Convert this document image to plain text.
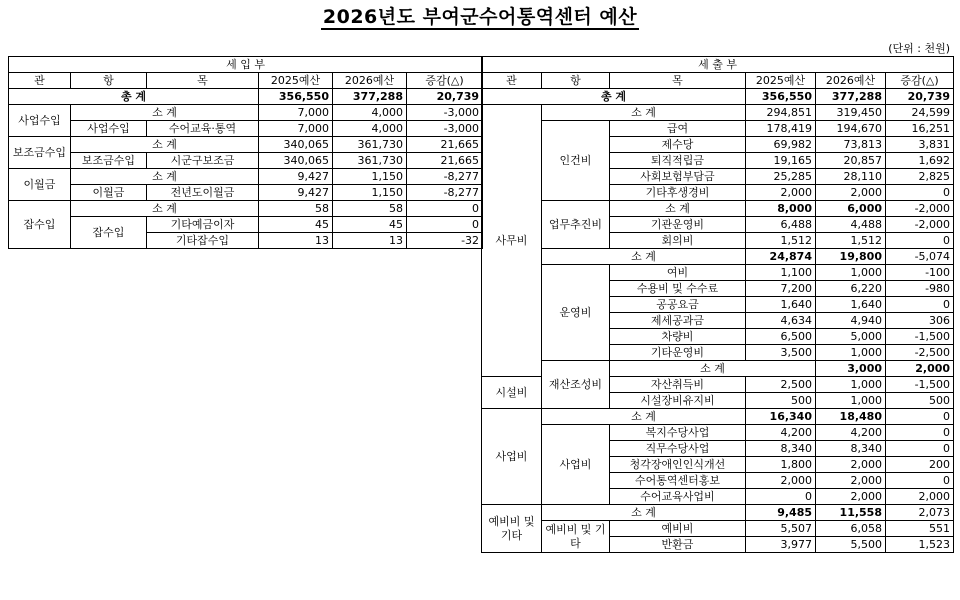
2026년도 부여군수어통역센터 예산
(단위 : 천원)
세 입 부					
관	항	목	2025예산	2026예산	증감(△)
총 계			356,550	377,288	20,739
사업수입	소 계		7,000	4,000	-3,000
	사업수입	수어교육·통역	7,000	4,000	-3,000
보조금수입	소 계		340,065	361,730	21,665
	보조금수입	시군구보조금	340,065	361,730	21,665
이월금	소 계		9,427	1,150	-8,277
	이월금	전년도이월금	9,427	1,150	-8,277
잡수입	소 계		58	58	0
	잡수입	기타예금이자	45	45	0
		기타잡수입	13	13	-32
세 출 부						
관	항	목	2025예산	2026예산	증감(△)	
총 계			356,550	377,288	20,739	
사무비	소 계		294,851	319,450	24,599	
	인건비	급여	178,419	194,670	16,251	
		제수당	69,982	73,813	3,831	
		퇴직적립금	19,165	20,857	1,692	
		사회보험부담금	25,285	28,110	2,825	
		기타후생경비	2,000	2,000	0	
	업무추진비	소 계	8,000	6,000	-2,000	
		기관운영비	6,488	4,488	-2,000	
		회의비	1,512	1,512	0	
	소 계		24,874	19,800	-5,074	
	운영비	여비	1,100	1,000	-100	
		수용비 및 수수료	7,200	6,220	-980	
		공공요금	1,640	1,640	0	
		제세공과금	4,634	4,940	306	
		차량비	6,500	5,000	-1,500	
		기타운영비	3,500	1,000	-2,500	
	재산조성비	소 계		3,000	2,000	
시설비		자산취득비	2,500	1,000	-1,500	
		시설장비유지비	500	1,000	500	
사업비	소 계		16,340	18,480	0	
	사업비	복지수당사업	4,200	4,200	0	
		직무수당사업	8,340	8,340	0	
		청각장애인인식개선	1,800	2,000	200	
		수어통역센터홍보	2,000	2,000	0	
		수어교육사업비	0	2,000	2,000	
예비비 및 기타	소 계		9,485	11,558	2,073	
	예비비 및 기타	예비비	5,507	6,058	551	
		반환금	3,977	5,500	1,523	
